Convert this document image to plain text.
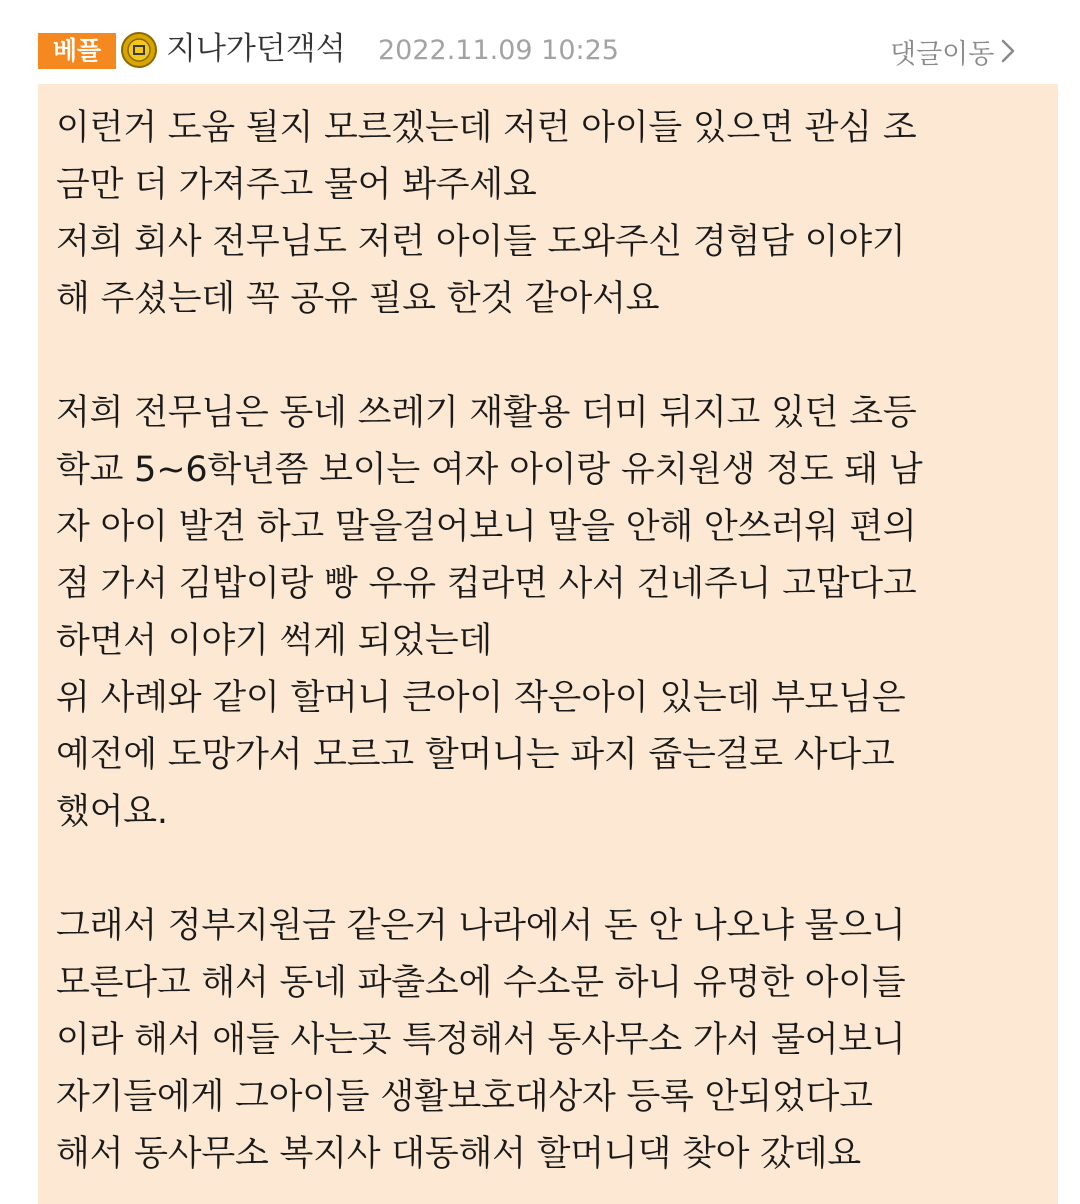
베플	지나가던객석 2022.11.09 10:25	댓글이동
이런거 도움 될지 모르겠는데 저런 아이들 있으면 관심 조
금만 더 가져주고 물어 봐주세요
저희 회사 전무님도 저런 아이들 도와주신 경험담 이야기
해 주셨는데 꼭 공유 필요 한것 같아서요
저희 전무님은 동네 쓰레기 재활용 더미 뒤지고 있던 초등
학교 5~6학년쯤 보이는 여자 아이랑 유치원생 정도 돼 남
자 아이 발견 하고 말을걸어보니 말을 안해 안쓰러워 편의
점 가서 김밥이랑 빵 우유 컵라면 사서 건네주니 고맙다고
하면서 이야기 썩게 되었는데
위 사례와 같이 할머니 큰아이 작은아이 있는데 부모님은
예전에 도망가서 모르고 할머니는 파지 줍는걸로 사다고
했어요.
그래서 정부지원금 같은거 나라에서 돈 안 나오냐 물으니
모른다고 해서 동네 파출소에 수소문 하니 유명한 아이들
이라 해서 애들 사는곳 특정해서 동사무소 가서 물어보니
자기들에게 그아이들 생활보호대상자 등록 안되었다고
해서 동사무소 복지사 대동해서 할머니댁 찾아 갔데요
